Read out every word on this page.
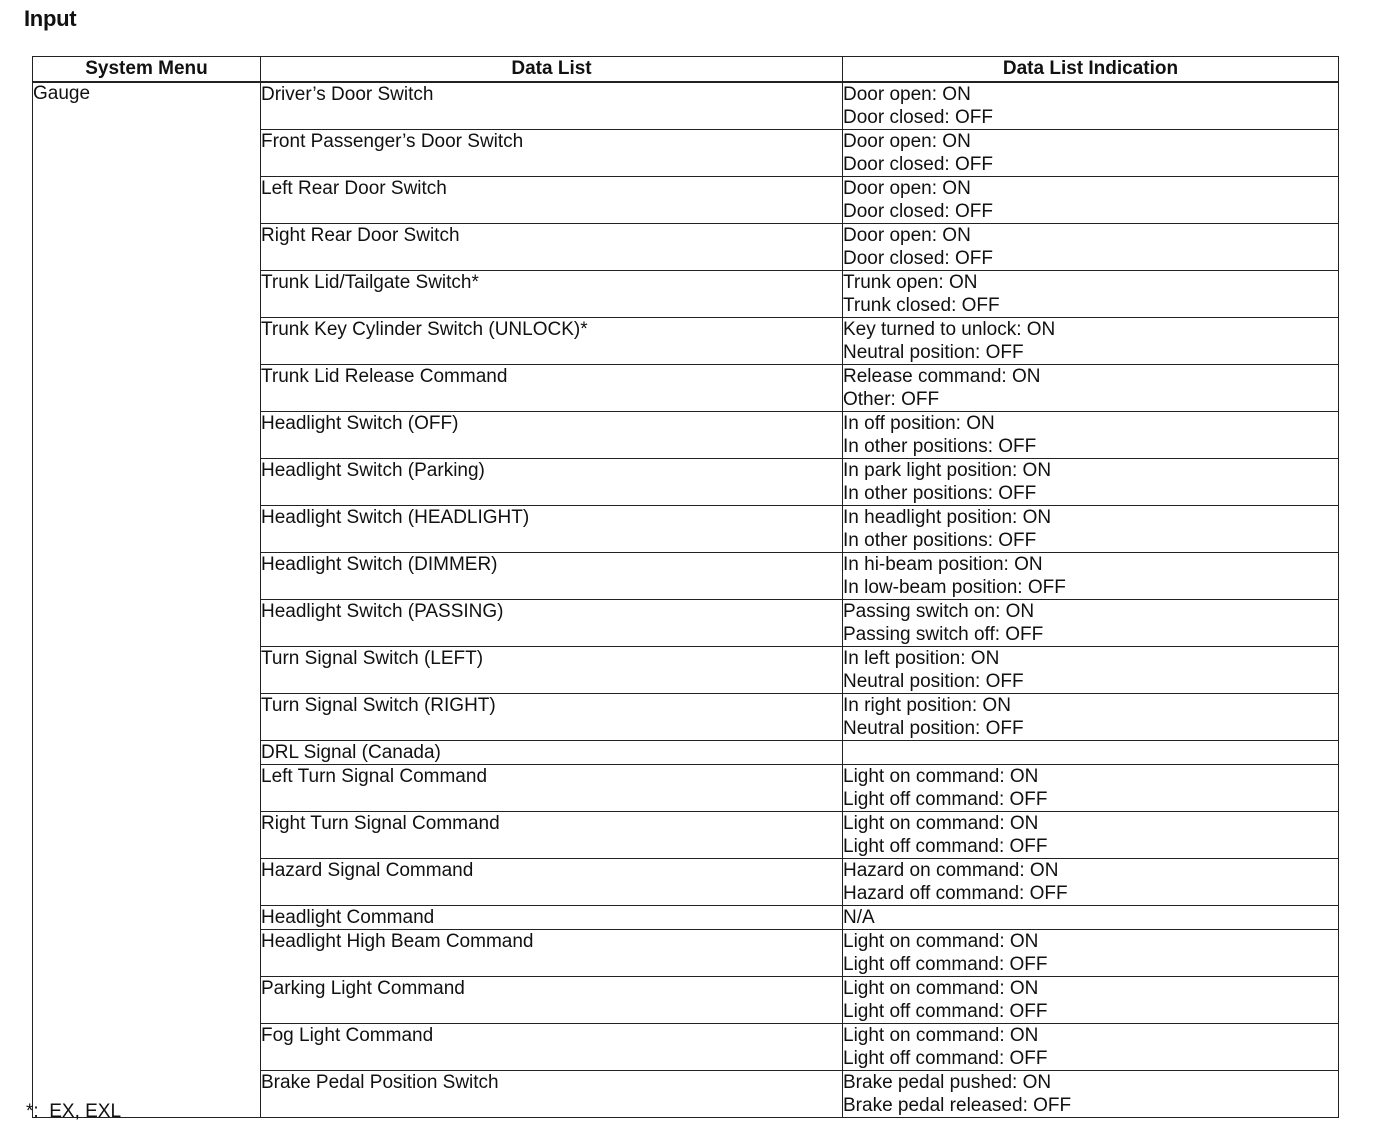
Input
System Menu	Data List	Data List Indication
Gauge	Driver’s Door Switch	Door open: ON
Door closed: OFF

	Front Passenger’s Door Switch	Door open: ON
Door closed: OFF

	Left Rear Door Switch	Door open: ON
Door closed: OFF

	Right Rear Door Switch	Door open: ON
Door closed: OFF

	Trunk Lid/Tailgate Switch*	Trunk open: ON
Trunk closed: OFF

	Trunk Key Cylinder Switch (UNLOCK)*	Key turned to unlock: ON
Neutral position: OFF

	Trunk Lid Release Command	Release command: ON
Other: OFF

	Headlight Switch (OFF)	In off position: ON
In other positions: OFF

	Headlight Switch (Parking)	In park light position: ON
In other positions: OFF

	Headlight Switch (HEADLIGHT)	In headlight position: ON
In other positions: OFF

	Headlight Switch (DIMMER)	In hi-beam position: ON
In low-beam position: OFF

	Headlight Switch (PASSING)	Passing switch on: ON
Passing switch off: OFF

	Turn Signal Switch (LEFT)	In left position: ON
Neutral position: OFF

	Turn Signal Switch (RIGHT)	In right position: ON
Neutral position: OFF

	DRL Signal (Canada)	

	Left Turn Signal Command	Light on command: ON
Light off command: OFF

	Right Turn Signal Command	Light on command: ON
Light off command: OFF

	Hazard Signal Command	Hazard on command: ON
Hazard off command: OFF

	Headlight Command	N/A

	Headlight High Beam Command	Light on command: ON
Light off command: OFF

	Parking Light Command	Light on command: ON
Light off command: OFF

	Fog Light Command	Light on command: ON
Light off command: OFF

	Brake Pedal Position Switch	Brake pedal pushed: ON
Brake pedal released: OFF
*:  EX, EXL
